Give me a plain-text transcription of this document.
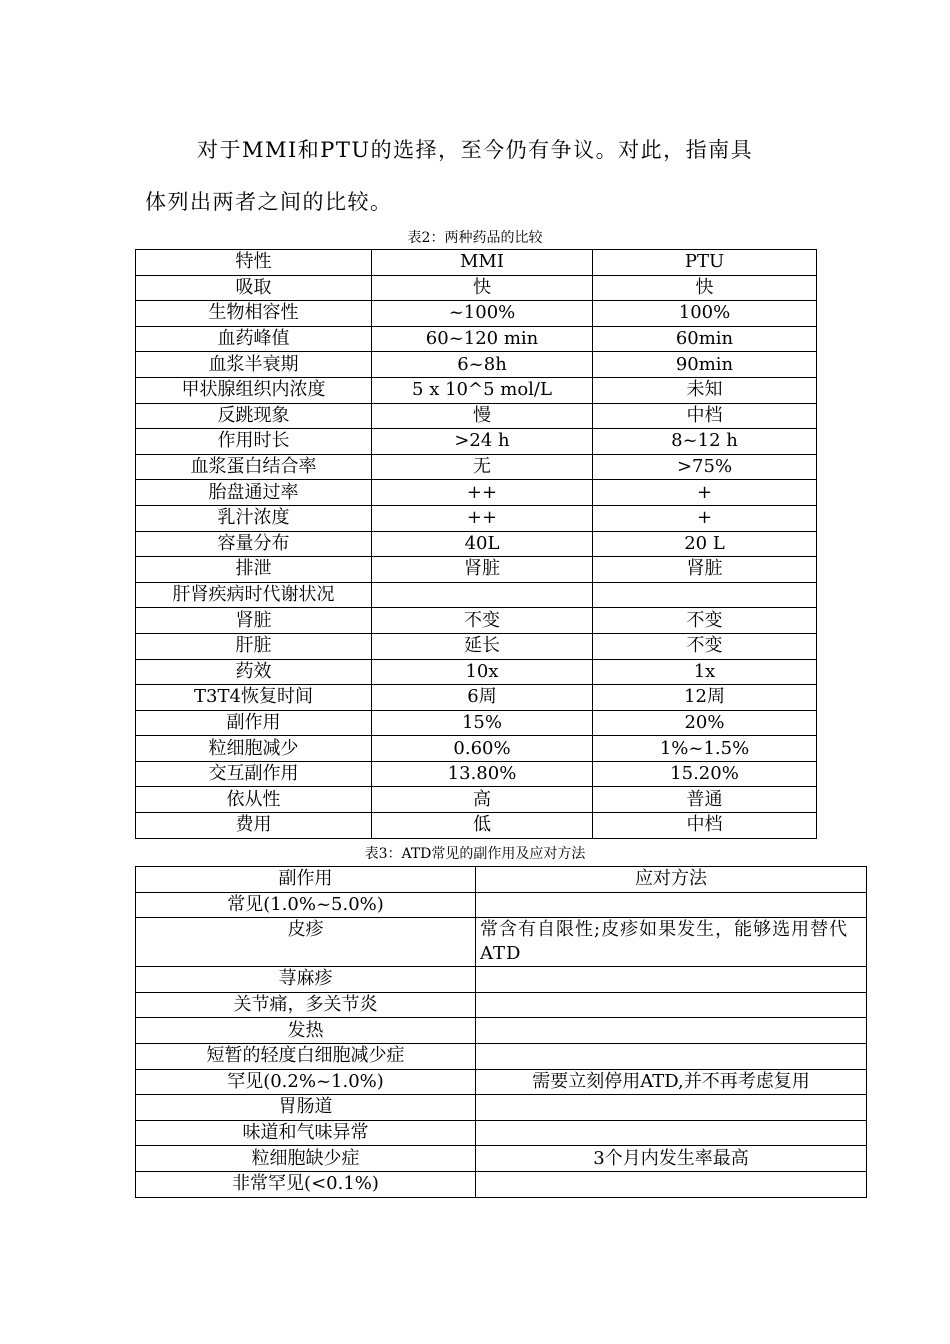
对于MMI和PTU的选择，至今仍有争议。对此，指南具
体列出两者之间的比较。
表2：两种药品的比较
特性	MMI	PTU
吸取	快	快
生物相容性	~100%	100%
血药峰值	60~120 min	60min
血浆半衰期	6~8h	90min
甲状腺组织内浓度	5 x 10^5 mol/L	未知
反跳现象	慢	中档
作用时长	>24 h	8~12 h
血浆蛋白结合率	无	>75%
胎盘通过率	++	+
乳汁浓度	++	+
容量分布	40L	20 L
排泄	肾脏	肾脏
肝肾疾病时代谢状况		
肾脏	不变	不变
肝脏	延长	不变
药效	10x	1x
T3T4恢复时间	6周	12周
副作用	15%	20%
粒细胞减少	0.60%	1%~1.5%
交互副作用	13.80%	15.20%
依从性	高	普通
费用	低	中档
表3：ATD常见的副作用及应对方法
副作用	应对方法
常见(1.0%~5.0%)	
皮疹	常含有自限性;皮疹如果发生，能够选用替代ATD
荨麻疹	
关节痛，多关节炎	
发热	
短暂的轻度白细胞减少症	
罕见(0.2%~1.0%)	需要立刻停用ATD,并不再考虑复用
胃肠道	
味道和气味异常	
粒细胞缺少症	3个月内发生率最高
非常罕见(<0.1%)	
